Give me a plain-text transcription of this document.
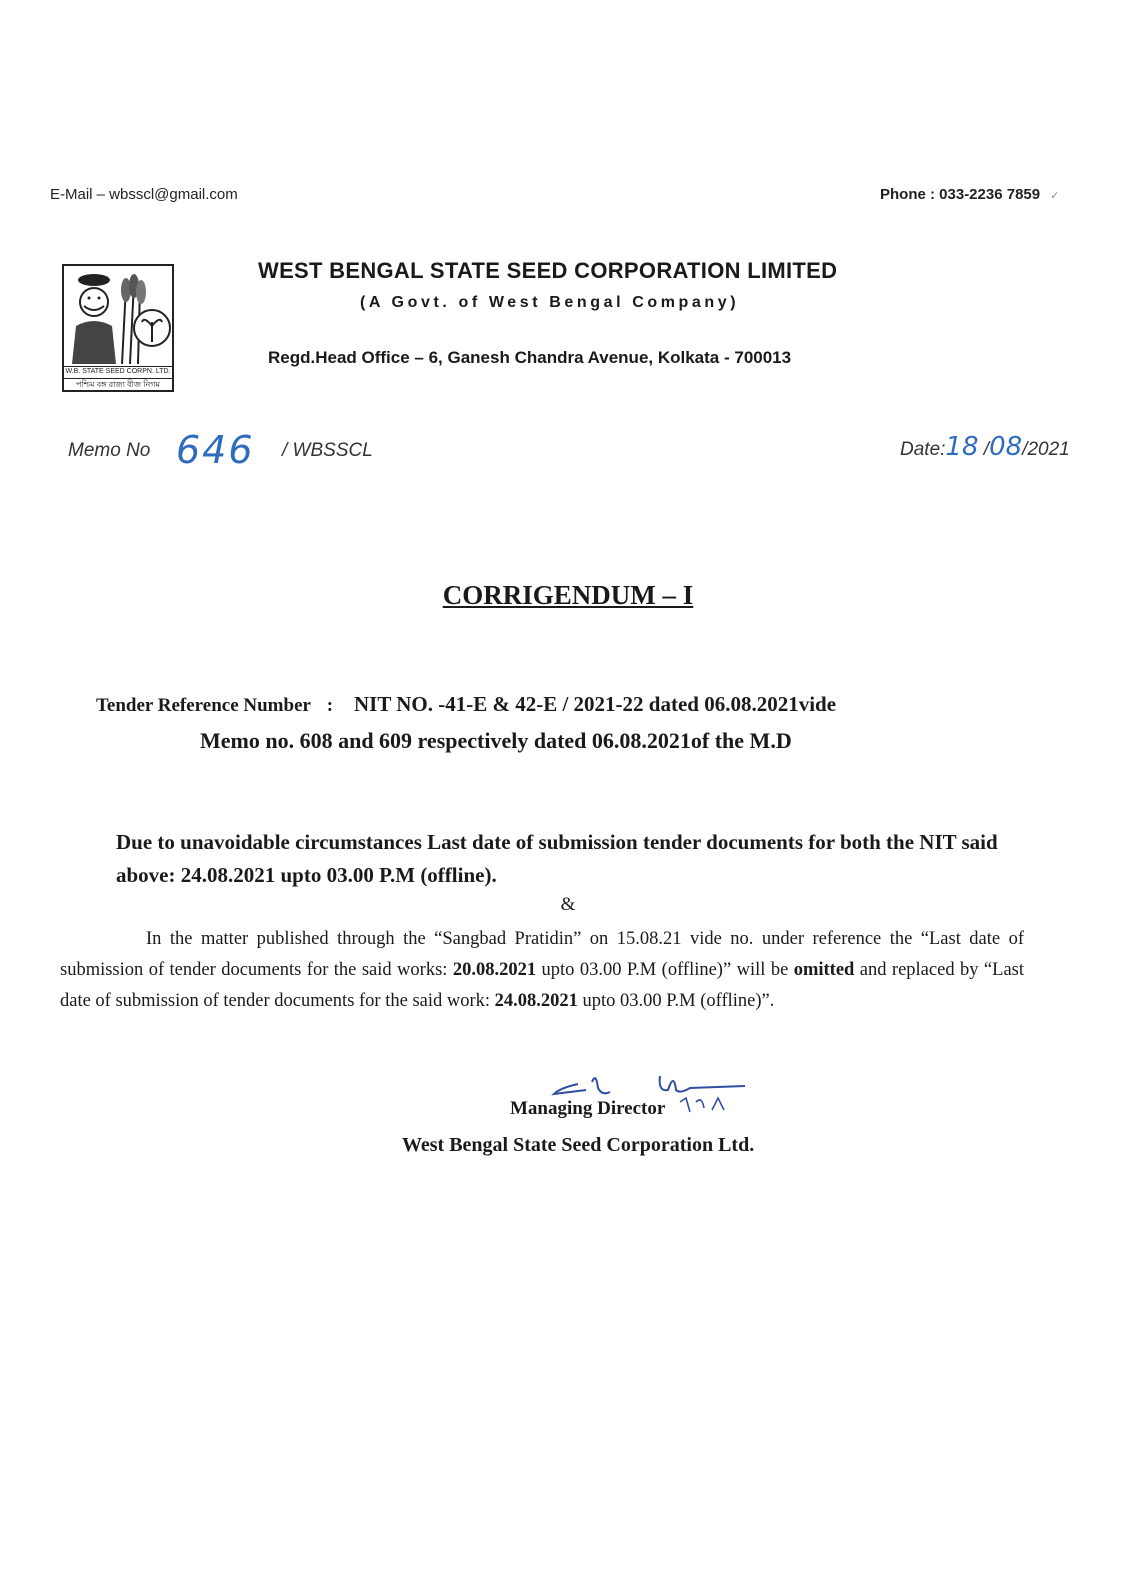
E-Mail – wbsscl@gmail.com	Phone : 033-2236 7859 ✓
W.B. STATE SEED CORPN. LTD.
পশ্চিম বঙ্গ রাজ্য বীজ নিগম
WEST BENGAL STATE SEED CORPORATION LIMITED
(A Govt. of West Bengal Company)
Regd.Head Office – 6, Ganesh Chandra Avenue, Kolkata - 700013
Memo No 646 / WBSSCL	Date:18 /08/2021
CORRIGENDUM – I
Tender Reference Number : NIT NO. -41-E & 42-E / 2021-22 dated 06.08.2021vide
Memo no. 608 and 609 respectively dated 06.08.2021of the M.D
Due to unavoidable circumstances Last date of submission tender documents for both the NIT said above: 24.08.2021 upto 03.00 P.M (offline).
&
In the matter published through the “Sangbad Pratidin” on 15.08.21 vide no. under reference the “Last date of submission of tender documents for the said works: 20.08.2021 upto 03.00 P.M (offline)” will be omitted and replaced by “Last date of submission of tender documents for the said work: 24.08.2021 upto 03.00 P.M (offline)”.
Managing Director
West Bengal State Seed Corporation Ltd.
